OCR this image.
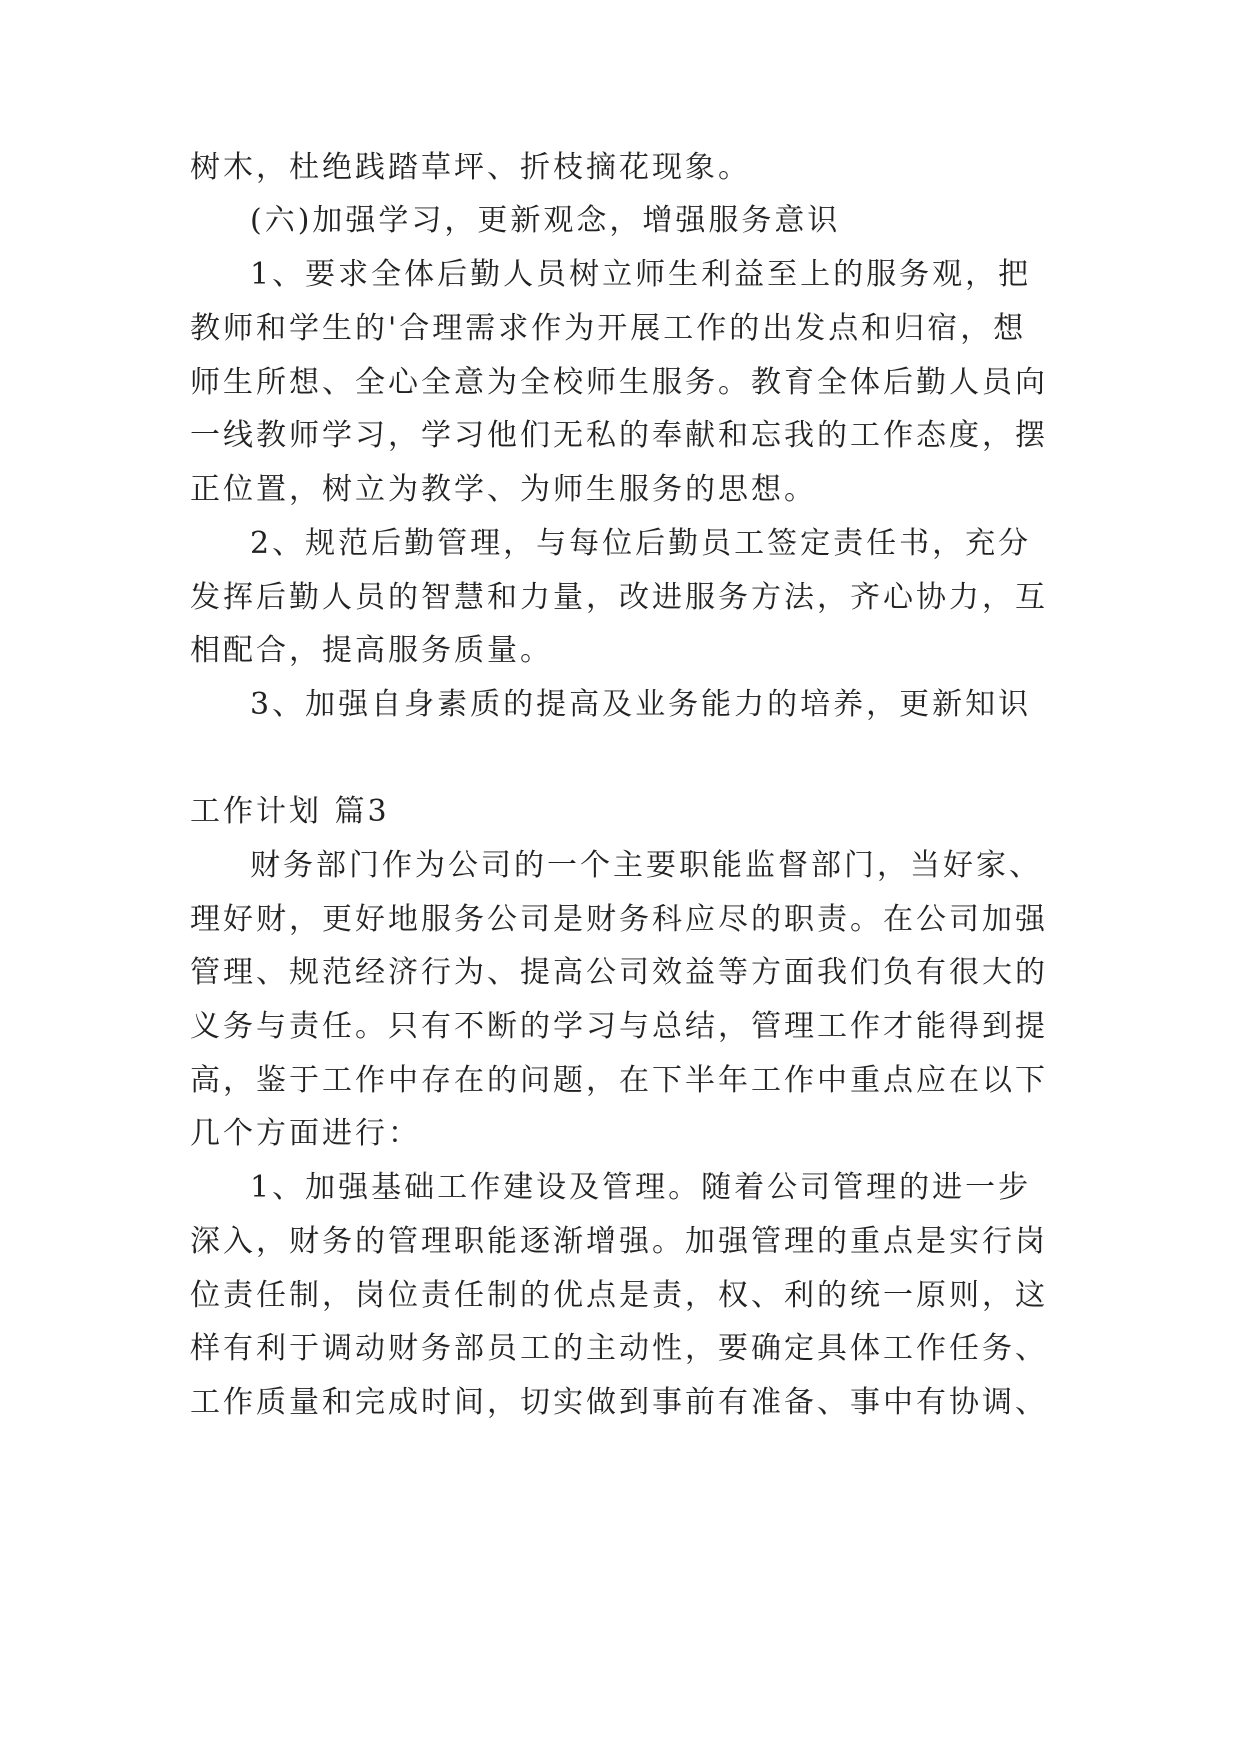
树木，杜绝践踏草坪、折枝摘花现象。
(六)加强学习，更新观念，增强服务意识
1、要求全体后勤人员树立师生利益至上的服务观，把
教师和学生的'合理需求作为开展工作的出发点和归宿，想
师生所想、全心全意为全校师生服务。教育全体后勤人员向
一线教师学习，学习他们无私的奉献和忘我的工作态度，摆
正位置，树立为教学、为师生服务的思想。
2、规范后勤管理，与每位后勤员工签定责任书，充分
发挥后勤人员的智慧和力量，改进服务方法，齐心协力，互
相配合，提高服务质量。
3、加强自身素质的提高及业务能力的培养，更新知识
工作计划 篇3
财务部门作为公司的一个主要职能监督部门，当好家、
理好财，更好地服务公司是财务科应尽的职责。在公司加强
管理、规范经济行为、提高公司效益等方面我们负有很大的
义务与责任。只有不断的学习与总结，管理工作才能得到提
高，鉴于工作中存在的问题，在下半年工作中重点应在以下
几个方面进行：
1、加强基础工作建设及管理。随着公司管理的进一步
深入，财务的管理职能逐渐增强。加强管理的重点是实行岗
位责任制，岗位责任制的优点是责，权、利的统一原则，这
样有利于调动财务部员工的主动性，要确定具体工作任务、
工作质量和完成时间，切实做到事前有准备、事中有协调、
